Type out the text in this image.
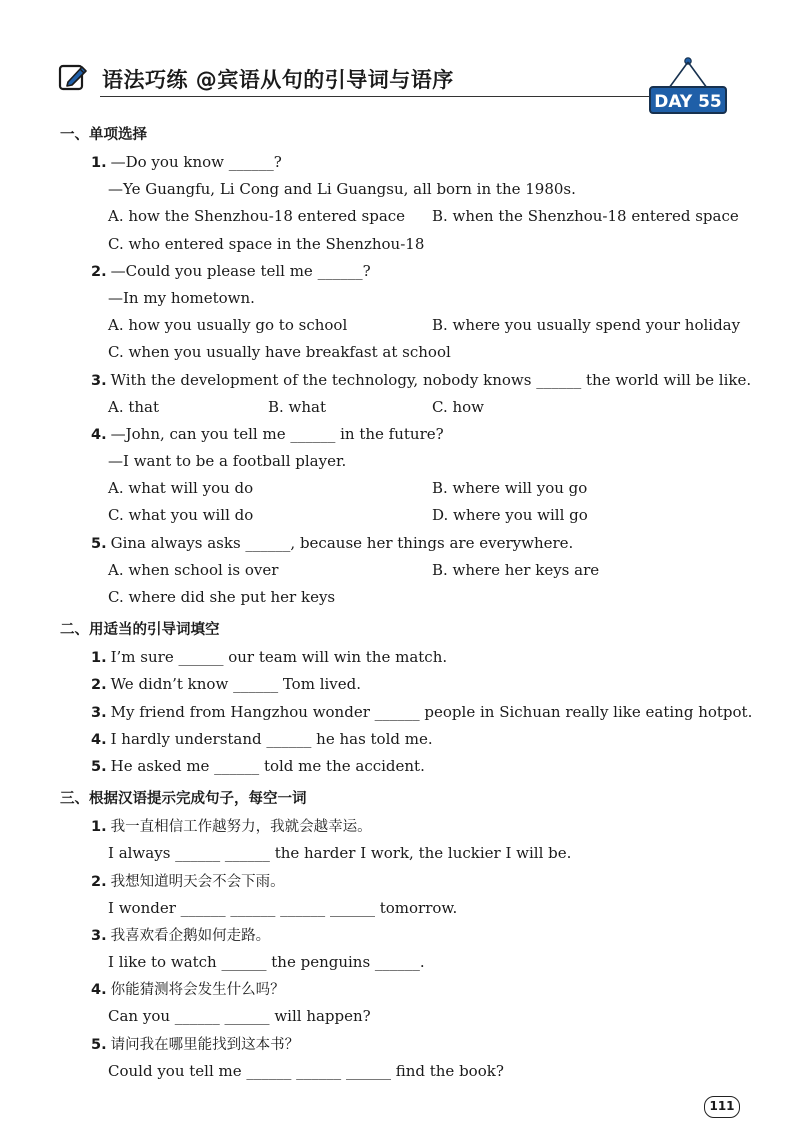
语法巧练 @宾语从句的引导词与语序
DAY 55
一、单项选择
1. —Do you know ______?
—Ye Guangfu, Li Cong and Li Guangsu, all born in the 1980s.
A. how the Shenzhou-18 entered space B. when the Shenzhou-18 entered space
C. who entered space in the Shenzhou-18
2. —Could you please tell me ______?
—In my hometown.
A. how you usually go to school	B. where you usually spend your holiday
C. when you usually have breakfast at school
3. With the development of the technology, nobody knows ______ the world will be like.
A. that	B. what	C. how
4. —John, can you tell me ______ in the future?
—I want to be a football player.
A. what will you do	B. where will you go
C. what you will do	D. where you will go
5. Gina always asks ______, because her things are everywhere.
A. when school is over	B. where her keys are
C. where did she put her keys
二、用适当的引导词填空
1. I’m sure ______ our team will win the match.
2. We didn’t know ______ Tom lived.
3. My friend from Hangzhou wonder ______ people in Sichuan really like eating hotpot.
4. I hardly understand ______ he has told me.
5. He asked me ______ told me the accident.
三、根据汉语提示完成句子，每空一词
1. 我一直相信工作越努力，我就会越幸运。
I always ______ ______ the harder I work, the luckier I will be.
2. 我想知道明天会不会下雨。
I wonder ______ ______ ______ ______ tomorrow.
3. 我喜欢看企鹅如何走路。
I like to watch ______ the penguins ______.
4. 你能猜测将会发生什么吗？
Can you ______ ______ will happen?
5. 请问我在哪里能找到这本书？
Could you tell me ______ ______ ______ find the book?
111
